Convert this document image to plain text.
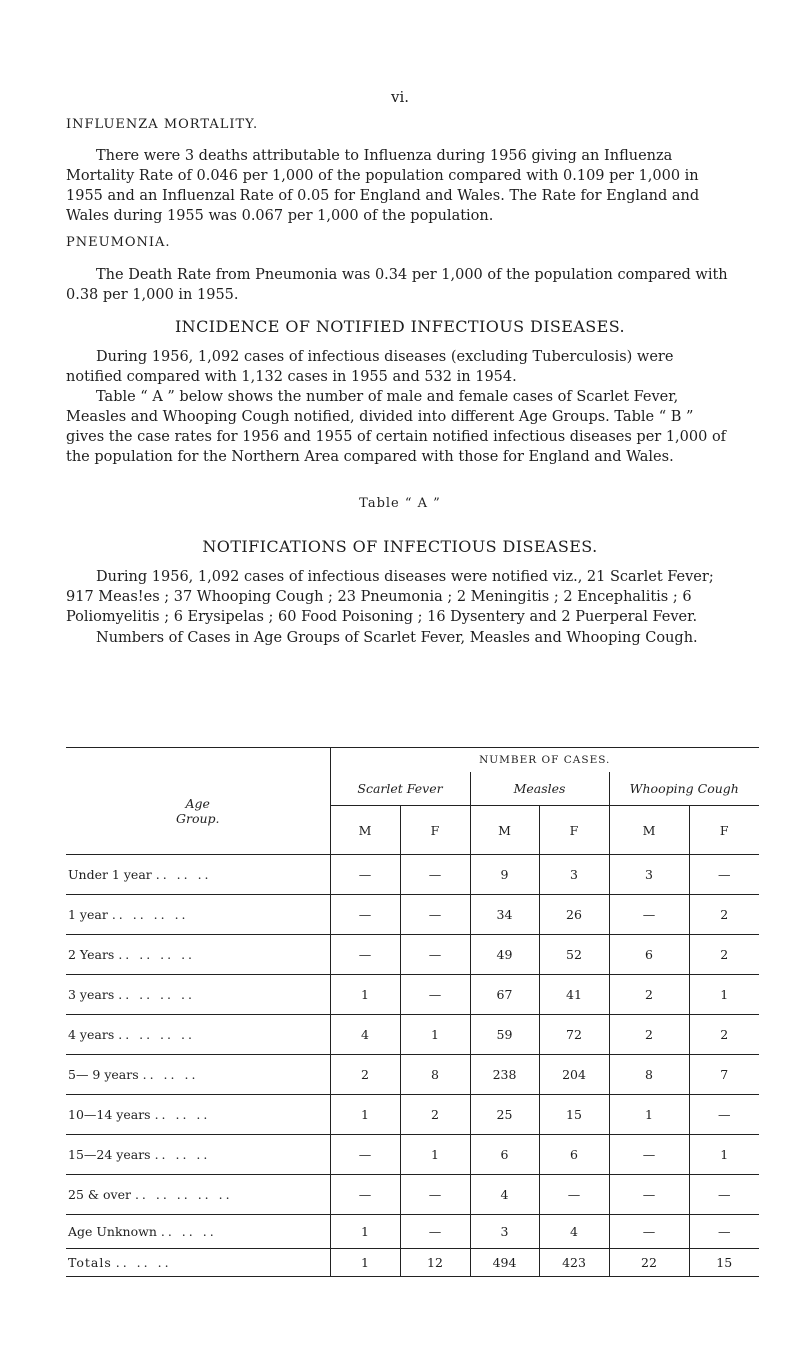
vi.
INFLUENZA MORTALITY.

There were 3 deaths attributable to Influenza during 1956 giving an Influenza Mortality Rate of 0.046 per 1,000 of the population compared with 0.109 per 1,000 in 1955 and an Influenzal Rate of 0.05 for England and Wales. The Rate for England and Wales during 1955 was 0.067 per 1,000 of the population.

PNEUMONIA.

The Death Rate from Pneumonia was 0.34 per 1,000 of the population compared with 0.38 per 1,000 in 1955.

INCIDENCE OF NOTIFIED INFECTIOUS DISEASES.

During 1956, 1,092 cases of infectious diseases (excluding Tuberculosis) were notified compared with 1,132 cases in 1955 and 532 in 1954.

Table “ A ” below shows the number of male and female cases of Scarlet Fever, Measles and Whooping Cough notified, divided into different Age Groups. Table “ B ” gives the case rates for 1956 and 1955 of certain notified infectious diseases per 1,000 of the population for the Northern Area compared with those for England and Wales.

Table “ A ”
NOTIFICATIONS OF INFECTIOUS DISEASES.

During 1956, 1,092 cases of infectious diseases were notified viz., 21 Scarlet Fever; 917 Meas!es ; 37 Whooping Cough ; 23 Pneumonia ; 2 Meningitis ; 2 Encephalitis ; 6 Poliomyelitis ; 6 Erysipelas ; 60 Food Poisoning ; 16 Dysentery and 2 Puerperal Fever.

Numbers of Cases in Age Groups of Scarlet Fever, Measles and Whooping Cough.

Age
Group.	NUMBER OF CASES.					
	Scarlet Fever		Measles		Whooping Cough	
	M	F	M	F	M	F
Under 1 year .. .. ..	—	—	9	3	3	—
1 year .. .. .. ..	—	—	34	26	—	2
2 Years .. .. .. ..	—	—	49	52	6	2
3 years .. .. .. ..	1	—	67	41	2	1
4 years .. .. .. ..	4	1	59	72	2	2
5— 9 years .. .. ..	2	8	238	204	8	7
10—14 years .. .. ..	1	2	25	15	1	—
15—24 years .. .. ..	—	1	6	6	—	1
25 & over .. .. .. .. ..	—	—	4	—	—	—
Age Unknown .. .. ..	1	—	3	4	—	—
Totals .. .. ..	1	12	494	423	22	15
